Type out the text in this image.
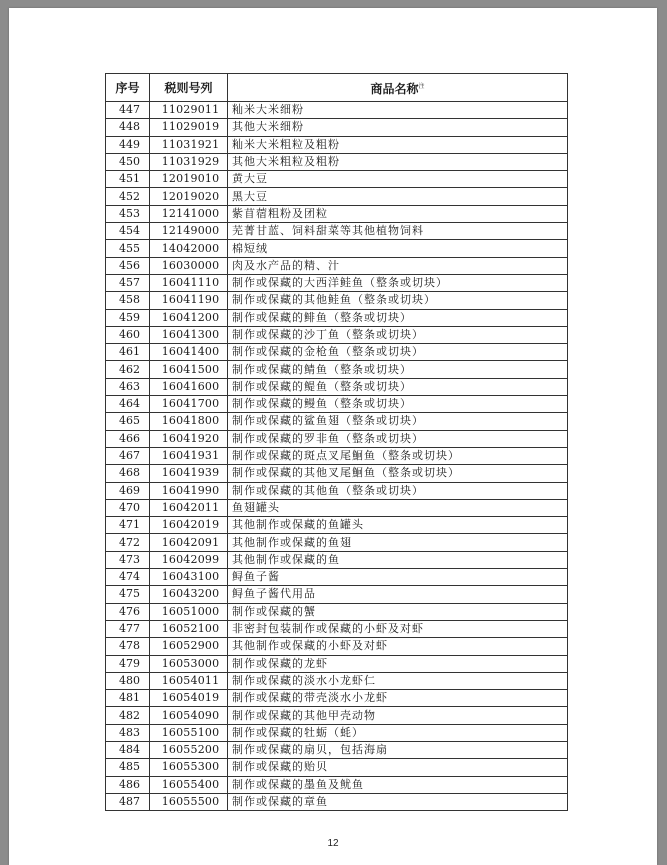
序号	税则号列	商品名称$^注$
447	11029011	籼米大米细粉
448	11029019	其他大米细粉
449	11031921	籼米大米粗粒及粗粉
450	11031929	其他大米粗粒及粗粉
451	12019010	黄大豆
452	12019020	黑大豆
453	12141000	紫苜蓿粗粉及团粒
454	12149000	芜菁甘蓝、饲料甜菜等其他植物饲料
455	14042000	棉短绒
456	16030000	肉及水产品的精、汁
457	16041110	制作或保藏的大西洋鲑鱼（整条或切块）
458	16041190	制作或保藏的其他鲑鱼（整条或切块）
459	16041200	制作或保藏的鲱鱼（整条或切块）
460	16041300	制作或保藏的沙丁鱼（整条或切块）
461	16041400	制作或保藏的金枪鱼（整条或切块）
462	16041500	制作或保藏的鲭鱼（整条或切块）
463	16041600	制作或保藏的鳀鱼（整条或切块）
464	16041700	制作或保藏的鳗鱼（整条或切块）
465	16041800	制作或保藏的鲨鱼翅（整条或切块）
466	16041920	制作或保藏的罗非鱼（整条或切块）
467	16041931	制作或保藏的斑点叉尾鮰鱼（整条或切块）
468	16041939	制作或保藏的其他叉尾鮰鱼（整条或切块）
469	16041990	制作或保藏的其他鱼（整条或切块）
470	16042011	鱼翅罐头
471	16042019	其他制作或保藏的鱼罐头
472	16042091	其他制作或保藏的鱼翅
473	16042099	其他制作或保藏的鱼
474	16043100	鲟鱼子酱
475	16043200	鲟鱼子酱代用品
476	16051000	制作或保藏的蟹
477	16052100	非密封包装制作或保藏的小虾及对虾
478	16052900	其他制作或保藏的小虾及对虾
479	16053000	制作或保藏的龙虾
480	16054011	制作或保藏的淡水小龙虾仁
481	16054019	制作或保藏的带壳淡水小龙虾
482	16054090	制作或保藏的其他甲壳动物
483	16055100	制作或保藏的牡蛎（蚝）
484	16055200	制作或保藏的扇贝，包括海扇
485	16055300	制作或保藏的贻贝
486	16055400	制作或保藏的墨鱼及鱿鱼
487	16055500	制作或保藏的章鱼
12
